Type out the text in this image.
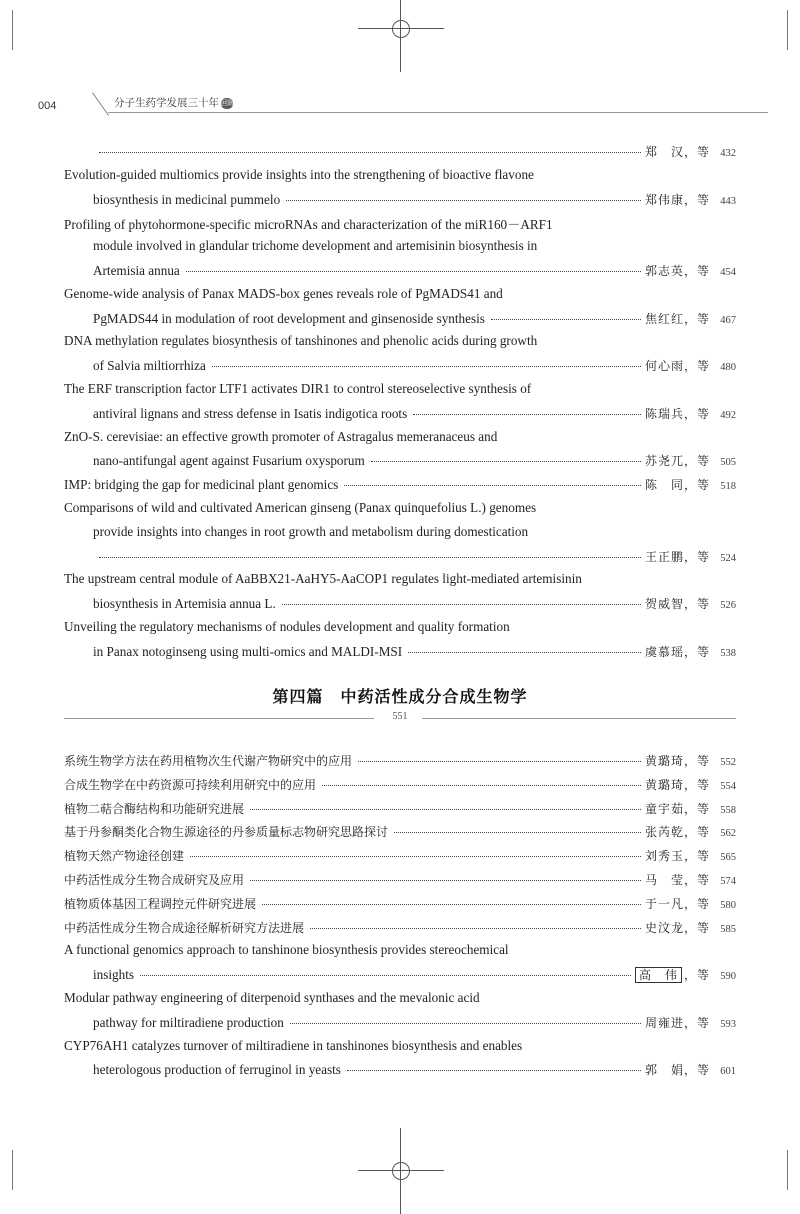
004	分子生药学发展三十年 回顾
郑　汉，等 432
Evolution-guided multiomics provide insights into the strengthening of bioactive flavone
biosynthesis in medicinal pummelo	郑伟康，等 443
Profiling of phytohormone-specific microRNAs and characterization of the miR160－ARF1
module involved in glandular trichome development and artemisinin biosynthesis in
Artemisia annua	郭志英，等 454
Genome-wide analysis of Panax MADS-box genes reveals role of PgMADS41 and
PgMADS44 in modulation of root development and ginsenoside synthesis	焦红红，等 467
DNA methylation regulates biosynthesis of tanshinones and phenolic acids during growth
of Salvia miltiorrhiza	何心雨，等 480
The ERF transcription factor LTF1 activates DIR1 to control stereoselective synthesis of
antiviral lignans and stress defense in Isatis indigotica roots	陈瑞兵，等 492
ZnO-S. cerevisiae: an effective growth promoter of Astragalus memeranaceus and
nano-antifungal agent against Fusarium oxysporum	苏尧兀，等 505
IMP: bridging the gap for medicinal plant genomics	陈　同，等 518
Comparisons of wild and cultivated American ginseng (Panax quinquefolius L.) genomes
provide insights into changes in root growth and metabolism during domestication
王正鹏，等 524
The upstream central module of AaBBX21-AaHY5-AaCOP1 regulates light-mediated artemisinin
biosynthesis in Artemisia annua L.	贺威智，等 526
Unveiling the regulatory mechanisms of nodules development and quality formation
in Panax notoginseng using multi-omics and MALDI-MSI	虞慕瑶，等 538
系统生物学方法在药用植物次生代谢产物研究中的应用	黄璐琦，等 552
合成生物学在中药资源可持续利用研究中的应用	黄璐琦，等 554
植物二萜合酶结构和功能研究进展	童宇茹，等 558
基于丹参酮类化合物生源途径的丹参质量标志物研究思路探讨	张芮乾，等 562
植物天然产物途径创建	刘秀玉，等 565
中药活性成分生物合成研究及应用	马　莹，等 574
植物质体基因工程调控元件研究进展	于一凡，等 580
中药活性成分生物合成途径解析研究方法进展	史汶龙，等 585
A functional genomics approach to tanshinone biosynthesis provides stereochemical
insights	高　伟 ，等 590
Modular pathway engineering of diterpenoid synthases and the mevalonic acid
pathway for miltiradiene production	周雍进，等 593
CYP76AH1 catalyzes turnover of miltiradiene in tanshinones biosynthesis and enables
heterologous production of ferruginol in yeasts	郭　娟，等 601
第四篇　中药活性成分合成生物学
551
